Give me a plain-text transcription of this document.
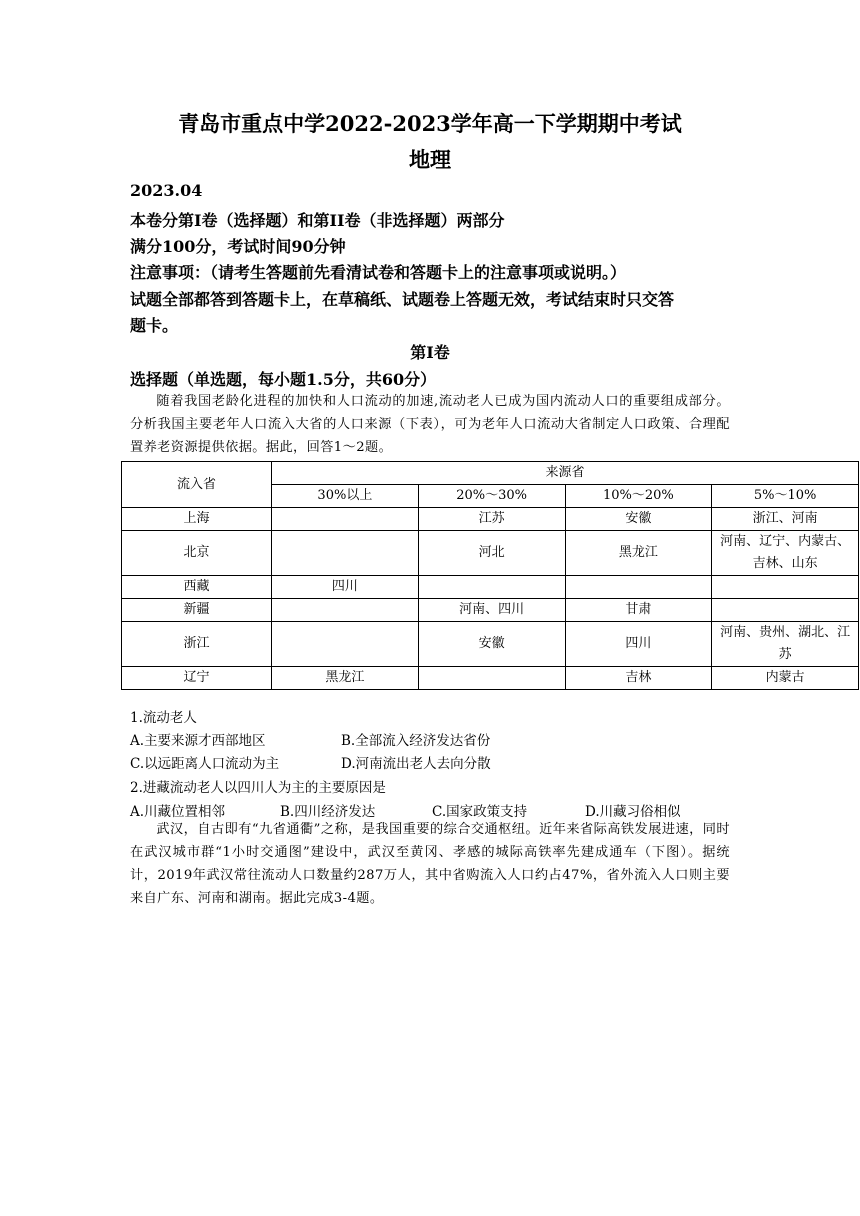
青岛市重点中学2022-2023学年高一下学期期中考试
地理
2023.04
本卷分第Ⅰ卷（选择题）和第II卷（非选择题）两部分
满分100分，考试时间90分钟
注意事项：（请考生答题前先看清试卷和答题卡上的注意事项或说明。）
试题全部都答到答题卡上，在草稿纸、试题卷上答题无效，考试结束时只交答
题卡。
第Ⅰ卷
选择题（单选题，每小题1.5分，共60分）
随着我国老龄化进程的加快和人口流动的加速,流动老人已成为国内流动人口的重要组成部分。分析我国主要老年人口流入大省的人口来源（下表），可为老年人口流动大省制定人口政策、合理配置养老资源提供依据。据此，回答1～2题。
流入省	来源省			
	30%以上	20%～30%	10%～20%	5%～10%
上海		江苏	安徽	浙江、河南
北京		河北	黑龙江	河南、辽宁、内蒙古、吉林、山东
西藏	四川			
新疆		河南、四川	甘肃	
浙江		安徽	四川	河南、贵州、湖北、江苏
辽宁	黑龙江		吉林	内蒙古
1.流动老人
A.主要来源才西部地区	B.全部流入经济发达省份
C.以远距离人口流动为主	D.河南流出老人去向分散
2.进藏流动老人以四川人为主的主要原因是
A.川藏位置相邻	B.四川经济发达	C.国家政策支持	D.川藏习俗相似
武汉，自古即有“九省通衢”之称，是我国重要的综合交通枢纽。近年来省际高铁发展进速，同时在武汉城市群“1小时交通图”建设中，武汉至黄冈、孝感的城际高铁率先建成通车（下图）。据统计，2019年武汉常往流动人口数量约287万人，其中省购流入人口约占47%，省外流入人口则主要来自广东、河南和湖南。据此完成3-4题。
